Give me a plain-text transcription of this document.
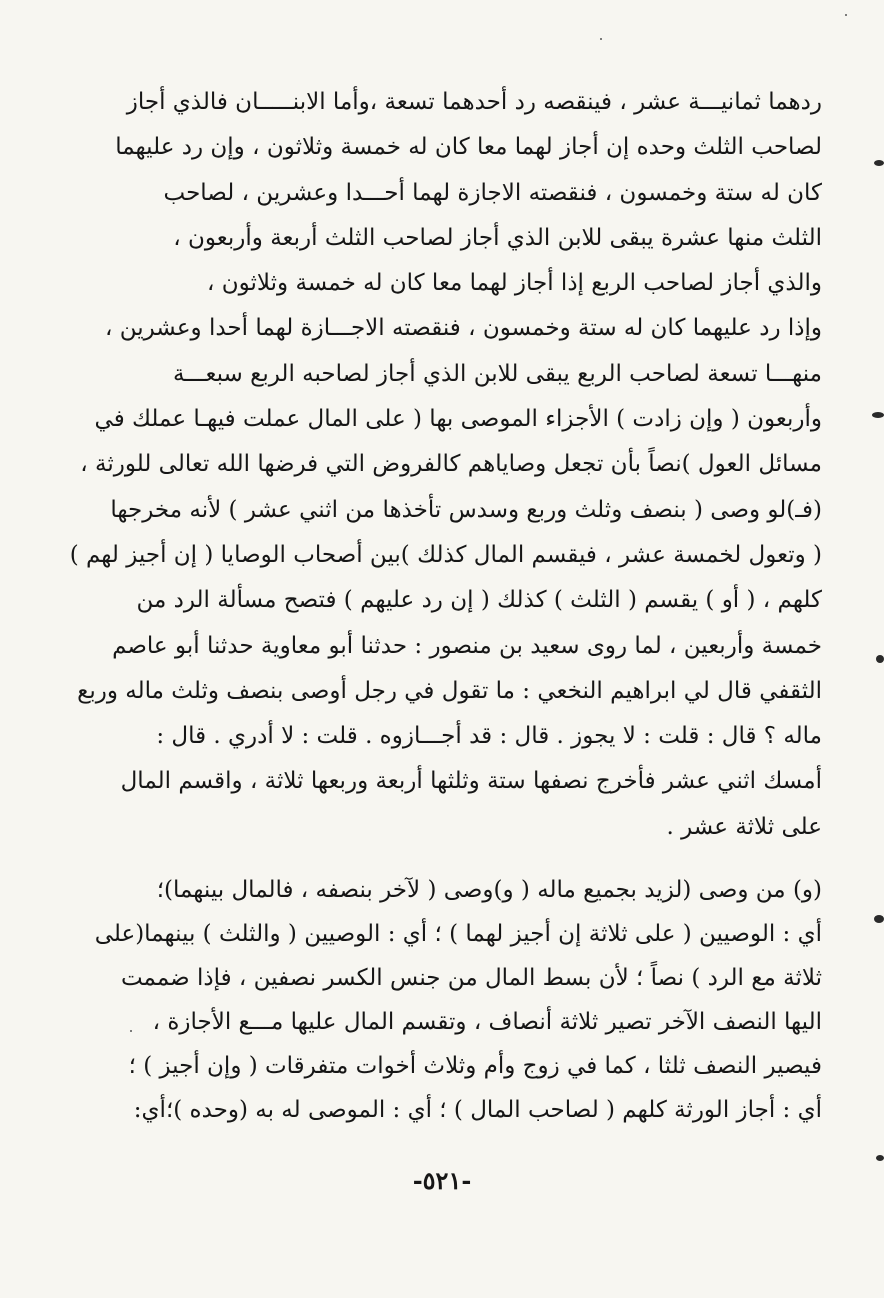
ردهما ثمانيـــة عشر ، فينقصه رد أحدهما تسعة ،وأما الابنـــــان فالذي أجاز
لصاحب الثلث وحده إن أجاز لهما معا كان له خمسة وثلاثون ، وإن رد عليهما
كان له ستة وخمسون ، فنقصته الاجازة لهما أحـــدا وعشرين ، لصاحب
الثلث منها عشرة يبقى للابن الذي أجاز لصاحب الثلث أربعة وأربعون ،
والذي أجاز لصاحب الربع إذا أجاز لهما معا كان له خمسة وثلاثون ،
وإذا رد عليهما كان له ستة وخمسون ، فنقصته الاجـــازة لهما أحدا وعشرين ،
منهـــا تسعة لصاحب الربع يبقى للابن الذي أجاز لصاحبه الربع سبعـــة
وأربعون ( وإن زادت ) الأجزاء الموصى بها ( على المال عملت فيهـا عملك في
مسائل العول )نصاً بأن تجعل وصاياهم كالفروض التي فرضها الله تعالى للورثة ،
(فـ)لو وصى ( بنصف وثلث وربع وسدس تأخذها من اثني عشر ) لأنه مخرجها
( وتعول لخمسة عشر ، فيقسم المال كذلك )بين أصحاب الوصايا ( إن أجيز لهم )
كلهم ، ( أو ) يقسم ( الثلث ) كذلك ( إن رد عليهم ) فتصح مسألة الرد من
خمسة وأربعين ، لما روى سعيد بن منصور : حدثنا أبو معاوية حدثنا أبو عاصم
الثقفي قال لي ابراهيم النخعي : ما تقول في رجل أوصى بنصف وثلث ماله وربع
ماله ؟ قال : قلت : لا يجوز . قال : قد أجـــازوه . قلت : لا أدري . قال :
أمسك اثني عشر فأخرج نصفها ستة وثلثها أربعة وربعها ثلاثة ، واقسم المال
على ثلاثة عشر .
(و) من وصى (لزيد بجميع ماله ( و)وصى ( لآخر بنصفه ، فالمال بينهما)؛
أي : الوصيين ( على ثلاثة إن أجيز لهما ) ؛ أي : الوصيين ( والثلث ) بينهما(على
ثلاثة مع الرد ) نصاً ؛ لأن بسط المال من جنس الكسر نصفين ، فإذا ضممت
اليها النصف الآخر تصير ثلاثة أنصاف ، وتقسم المال عليها مـــع الأجازة ،
فيصير النصف ثلثا ، كما في زوج وأم وثلاث أخوات متفرقات ( وإن أجيز ) ؛
أي : أجاز الورثة كلهم ( لصاحب المال ) ؛ أي : الموصى له به (وحده )؛أي:
-٥٢١-
